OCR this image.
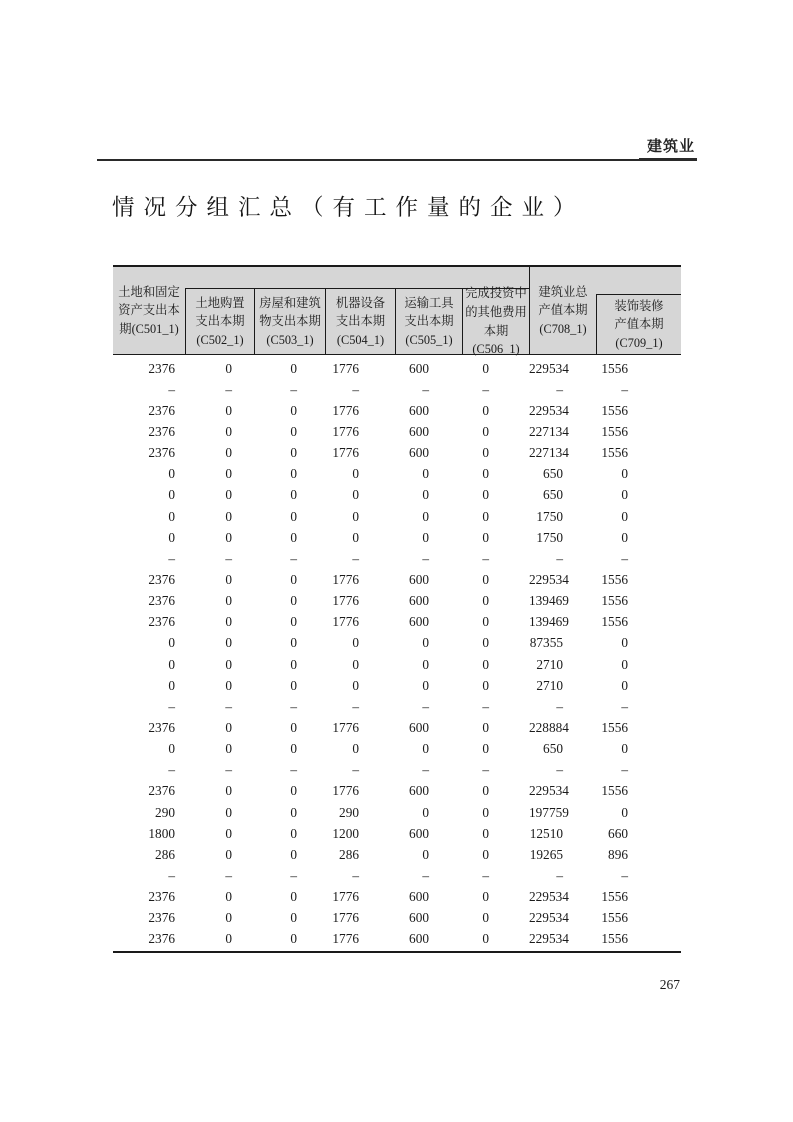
建筑业
情况分组汇总（有工作量的企业）
土地和固定
资产支出本
期(C501_1)
土地购置
支出本期
(C502_1)
房屋和建筑
物支出本期
(C503_1)
机器设备
支出本期
(C504_1)
运输工具
支出本期
(C505_1)
完成投资中
的其他费用
本期(C506_1)
建筑业总
产值本期
(C708_1)
装饰装修
产值本期
(C709_1)
2376	0	0	1776	600	0	229534	1556
–	–	–	–	–	–	–	–
2376	0	0	1776	600	0	229534	1556
2376	0	0	1776	600	0	227134	1556
2376	0	0	1776	600	0	227134	1556
0	0	0	0	0	0	650	0
0	0	0	0	0	0	650	0
0	0	0	0	0	0	1750	0
0	0	0	0	0	0	1750	0
–	–	–	–	–	–	–	–
2376	0	0	1776	600	0	229534	1556
2376	0	0	1776	600	0	139469	1556
2376	0	0	1776	600	0	139469	1556
0	0	0	0	0	0	87355	0
0	0	0	0	0	0	2710	0
0	0	0	0	0	0	2710	0
–	–	–	–	–	–	–	–
2376	0	0	1776	600	0	228884	1556
0	0	0	0	0	0	650	0
–	–	–	–	–	–	–	–
2376	0	0	1776	600	0	229534	1556
290	0	0	290	0	0	197759	0
1800	0	0	1200	600	0	12510	660
286	0	0	286	0	0	19265	896
–	–	–	–	–	–	–	–
2376	0	0	1776	600	0	229534	1556
2376	0	0	1776	600	0	229534	1556
2376	0	0	1776	600	0	229534	1556
267
